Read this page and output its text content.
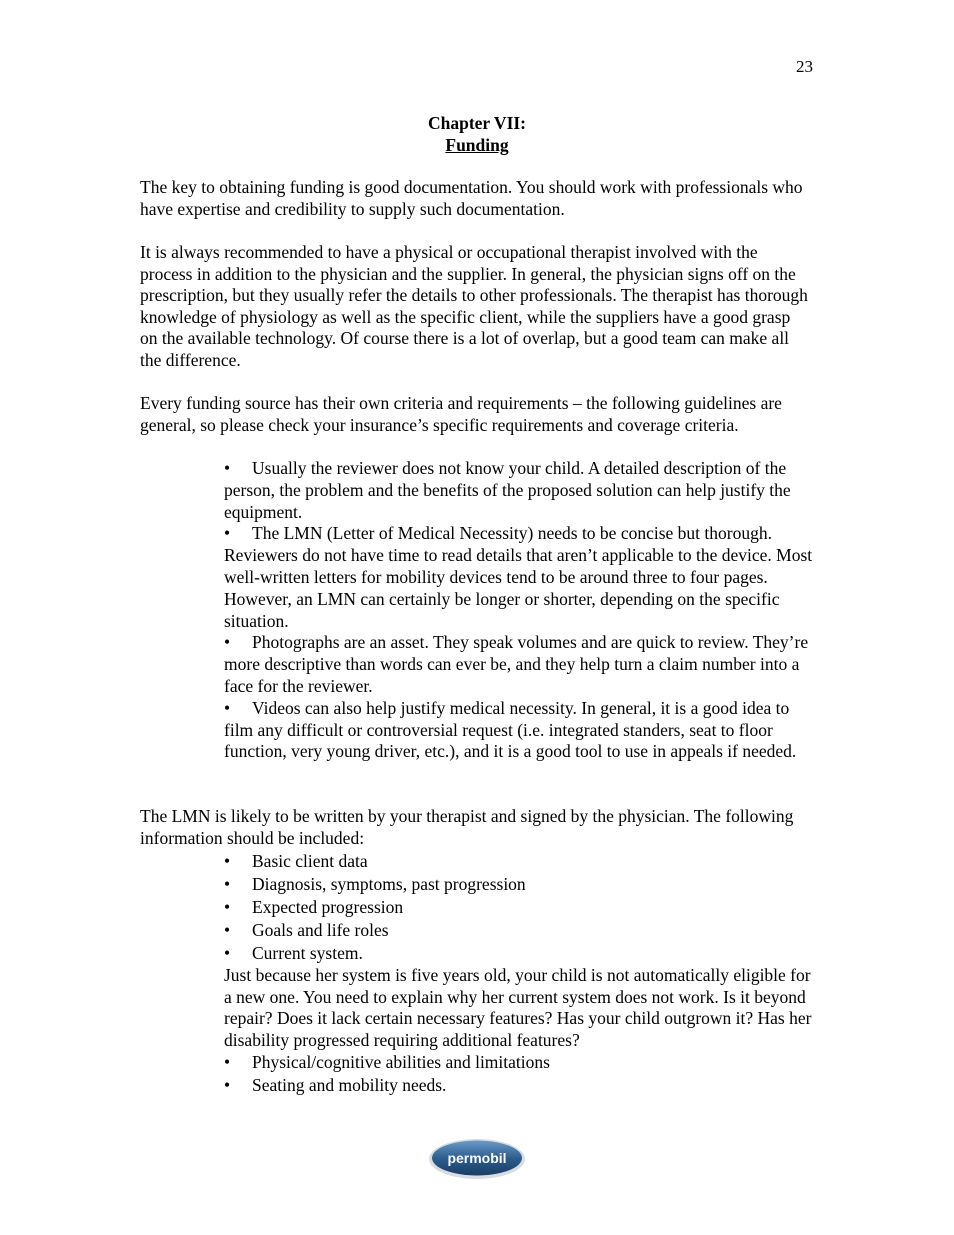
23
Chapter VII:
Funding

The key to obtaining funding is good documentation. You should work with professionals who have expertise and credibility to supply such documentation.

It is always recommended to have a physical or occupational therapist involved with the process in addition to the physician and the supplier. In general, the physician signs off on the prescription, but they usually refer the details to other professionals. The therapist has thorough knowledge of physiology as well as the specific client, while the suppliers have a good grasp on the available technology. Of course there is a lot of overlap, but a good team can make all the difference.

Every funding source has their own criteria and requirements – the following guidelines are general, so please check your insurance’s specific requirements and coverage criteria.

• Usually the reviewer does not know your child. A detailed description of the person, the problem and the benefits of the proposed solution can help justify the equipment.

• The LMN (Letter of Medical Necessity) needs to be concise but thorough. Reviewers do not have time to read details that aren’t applicable to the device. Most well-written letters for mobility devices tend to be around three to four pages. However, an LMN can certainly be longer or shorter, depending on the specific situation.

• Photographs are an asset. They speak volumes and are quick to review. They’re more descriptive than words can ever be, and they help turn a claim number into a face for the reviewer.

• Videos can also help justify medical necessity. In general, it is a good idea to film any difficult or controversial request (i.e. integrated standers, seat to floor function, very young driver, etc.), and it is a good tool to use in appeals if needed.

The LMN is likely to be written by your therapist and signed by the physician. The following information should be included:

• Basic client data

• Diagnosis, symptoms, past progression

• Expected progression

• Goals and life roles

• Current system.

Just because her system is five years old, your child is not automatically eligible for a new one. You need to explain why her current system does not work. Is it beyond repair? Does it lack certain necessary features? Has your child outgrown it? Has her disability progressed requiring additional features?

• Physical/cognitive abilities and limitations

• Seating and mobility needs.

permobil
